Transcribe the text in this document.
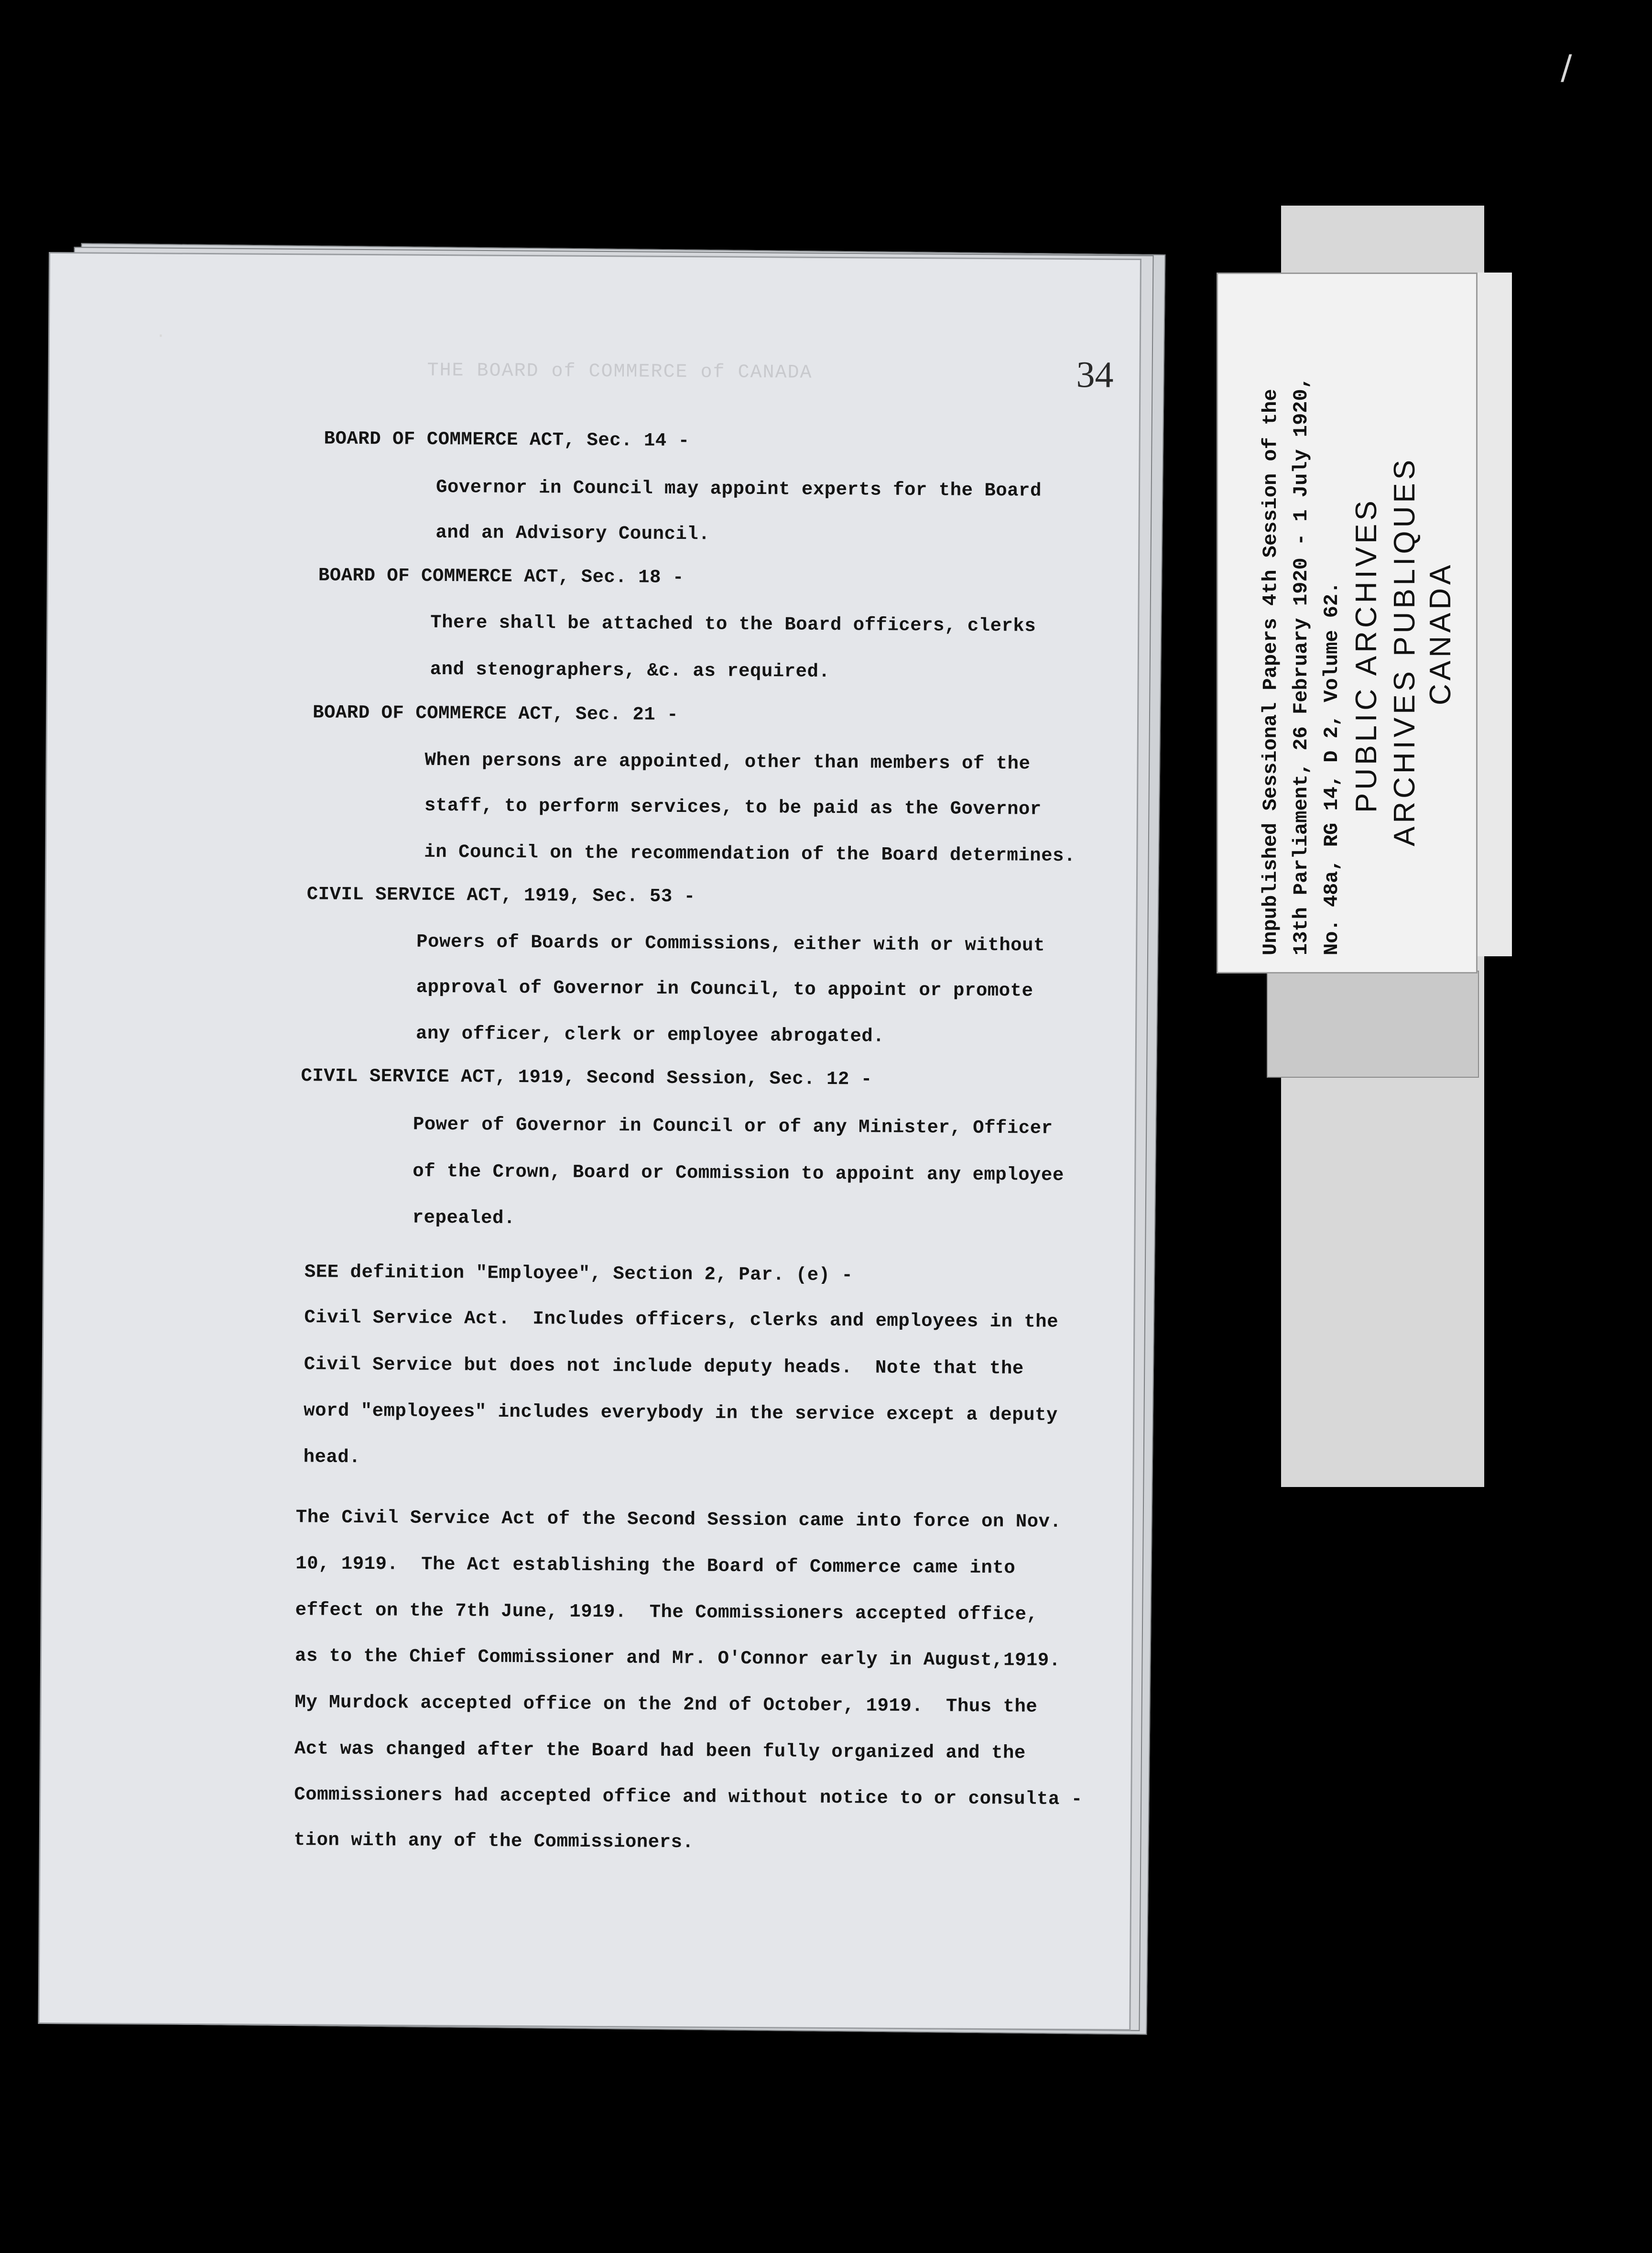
THE BOARD of COMMERCE of CANADA	34
BOARD OF COMMERCE ACT, Sec. 14 -
Governor in Council may appoint experts for the Board
and an Advisory Council.
BOARD OF COMMERCE ACT, Sec. 18 -
There shall be attached to the Board officers, clerks
and stenographers, &c. as required.
BOARD OF COMMERCE ACT, Sec. 21 -
When persons are appointed, other than members of the
staff, to perform services, to be paid as the Governor
in Council on the recommendation of the Board determines.
CIVIL SERVICE ACT, 1919, Sec. 53 -
Powers of Boards or Commissions, either with or without
approval of Governor in Council, to appoint or promote
any officer, clerk or employee abrogated.
CIVIL SERVICE ACT, 1919, Second Session, Sec. 12 -
Power of Governor in Council or of any Minister, Officer
of the Crown, Board or Commission to appoint any employee
repealed.
SEE definition "Employee", Section 2, Par. (e) -
Civil Service Act.  Includes officers, clerks and employees in the
Civil Service but does not include deputy heads.  Note that the
word "employees" includes everybody in the service except a deputy
head.
The Civil Service Act of the Second Session came into force on Nov.
10, 1919.  The Act establishing the Board of Commerce came into
effect on the 7th June, 1919.  The Commissioners accepted office,
as to the Chief Commissioner and Mr. O'Connor early in August,1919.
My Murdock accepted office on the 2nd of October, 1919.  Thus the
Act was changed after the Board had been fully organized and the
Commissioners had accepted office and without notice to or consulta -
tion with any of the Commissioners.
Unpublished Sessional Papers 4th Session of the 13th Parliament, 26 February 1920 - 1 July 1920, No. 48a, RG 14, D 2, Volume 62. PUBLIC ARCHIVES ARCHIVES PUBLIQUES CANADA
/
·
